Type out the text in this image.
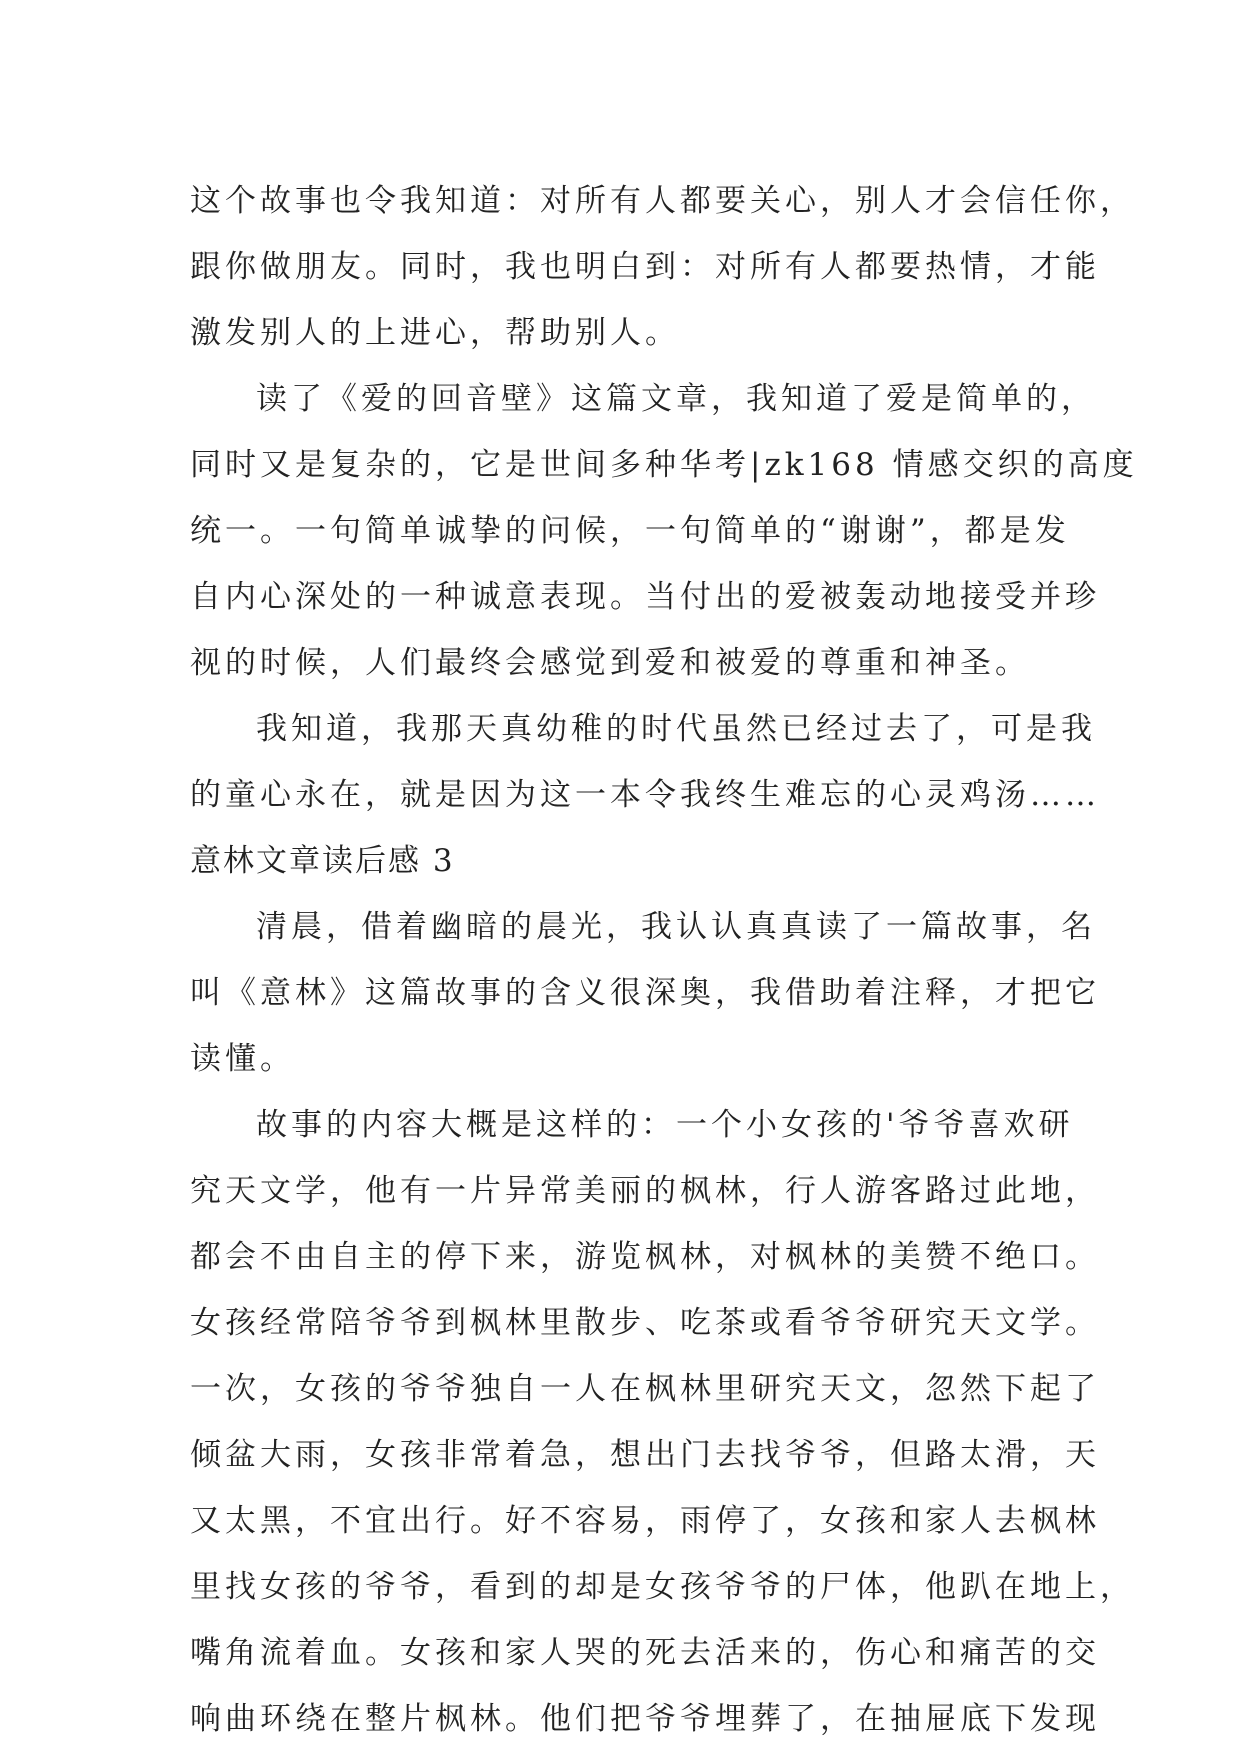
这个故事也令我知道：对所有人都要关心，别人才会信任你，
跟你做朋友。同时，我也明白到：对所有人都要热情，才能
激发别人的上进心，帮助别人。
读了《爱的回音壁》这篇文章，我知道了爱是简单的，
同时又是复杂的，它是世间多种华考|zk168 情感交织的高度
统一。一句简单诚挚的问候，一句简单的“谢谢”，都是发
自内心深处的一种诚意表现。当付出的爱被轰动地接受并珍
视的时候，人们最终会感觉到爱和被爱的尊重和神圣。
我知道，我那天真幼稚的时代虽然已经过去了，可是我
的童心永在，就是因为这一本令我终生难忘的心灵鸡汤……
意林文章读后感 3
清晨，借着幽暗的晨光，我认认真真读了一篇故事，名
叫《意林》这篇故事的含义很深奥，我借助着注释，才把它
读懂。
故事的内容大概是这样的：一个小女孩的'爷爷喜欢研
究天文学，他有一片异常美丽的枫林，行人游客路过此地，
都会不由自主的停下来，游览枫林，对枫林的美赞不绝口。
女孩经常陪爷爷到枫林里散步、吃茶或看爷爷研究天文学。
一次，女孩的爷爷独自一人在枫林里研究天文，忽然下起了
倾盆大雨，女孩非常着急，想出门去找爷爷，但路太滑，天
又太黑，不宜出行。好不容易，雨停了，女孩和家人去枫林
里找女孩的爷爷，看到的却是女孩爷爷的尸体，他趴在地上，
嘴角流着血。女孩和家人哭的死去活来的，伤心和痛苦的交
响曲环绕在整片枫林。他们把爷爷埋葬了，在抽屉底下发现
